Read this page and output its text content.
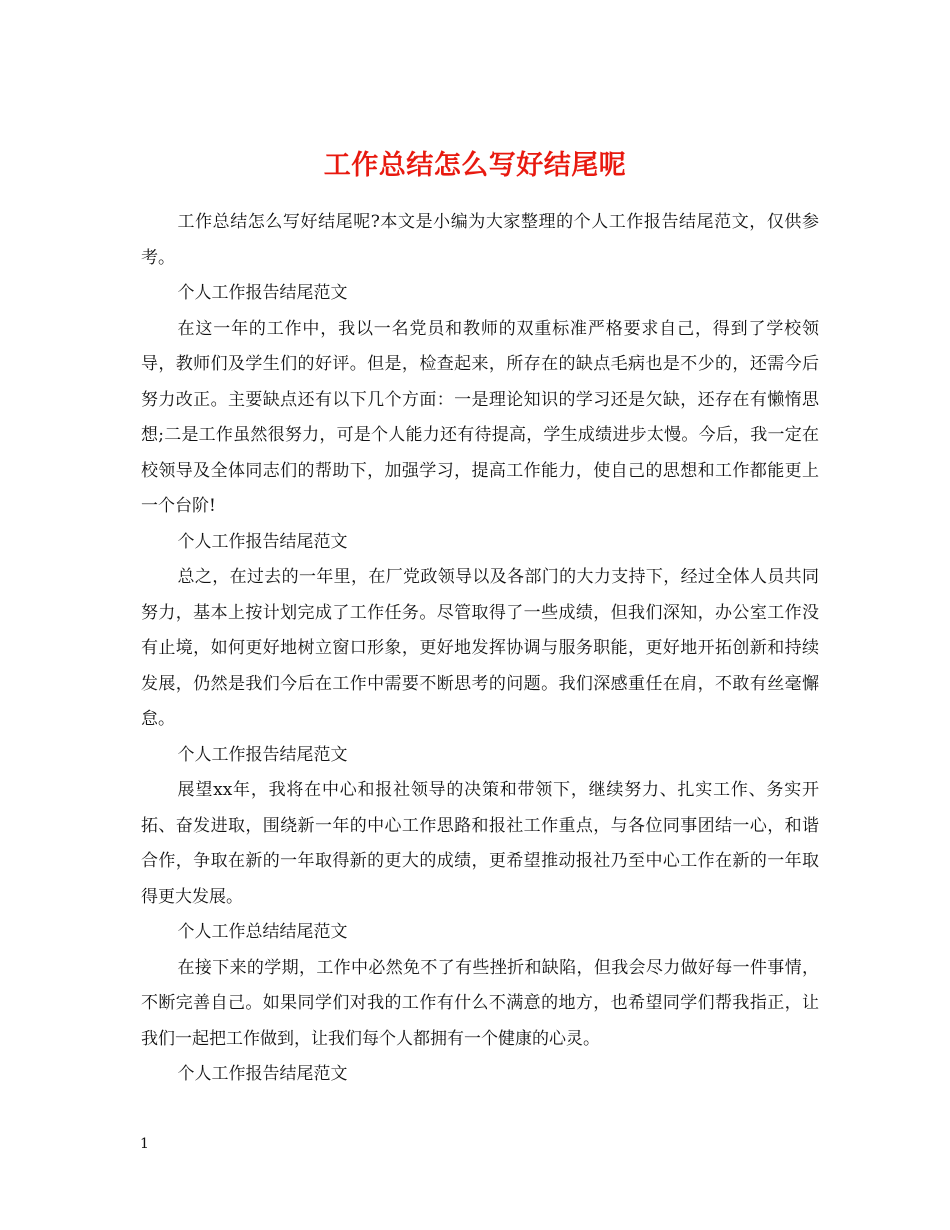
工作总结怎么写好结尾呢

工作总结怎么写好结尾呢?本文是小编为大家整理的个人工作报告结尾范文，仅供参考。

个人工作报告结尾范文

在这一年的工作中，我以一名党员和教师的双重标准严格要求自己，得到了学校领导，教师们及学生们的好评。但是，检查起来，所存在的缺点毛病也是不少的，还需今后努力改正。主要缺点还有以下几个方面：一是理论知识的学习还是欠缺，还存在有懒惰思想;二是工作虽然很努力，可是个人能力还有待提高，学生成绩进步太慢。今后，我一定在校领导及全体同志们的帮助下，加强学习，提高工作能力，使自己的思想和工作都能更上一个台阶!

个人工作报告结尾范文

总之，在过去的一年里，在厂党政领导以及各部门的大力支持下，经过全体人员共同努力，基本上按计划完成了工作任务。尽管取得了一些成绩，但我们深知，办公室工作没有止境，如何更好地树立窗口形象，更好地发挥协调与服务职能，更好地开拓创新和持续发展，仍然是我们今后在工作中需要不断思考的问题。我们深感重任在肩，不敢有丝毫懈怠。

个人工作报告结尾范文

展望xx年，我将在中心和报社领导的决策和带领下，继续努力、扎实工作、务实开拓、奋发进取，围绕新一年的中心工作思路和报社工作重点，与各位同事团结一心，和谐合作，争取在新的一年取得新的更大的成绩，更希望推动报社乃至中心工作在新的一年取得更大发展。

个人工作总结结尾范文

在接下来的学期，工作中必然免不了有些挫折和缺陷，但我会尽力做好每一件事情，不断完善自己。如果同学们对我的工作有什么不满意的地方，也希望同学们帮我指正，让我们一起把工作做到，让我们每个人都拥有一个健康的心灵。

个人工作报告结尾范文

1
